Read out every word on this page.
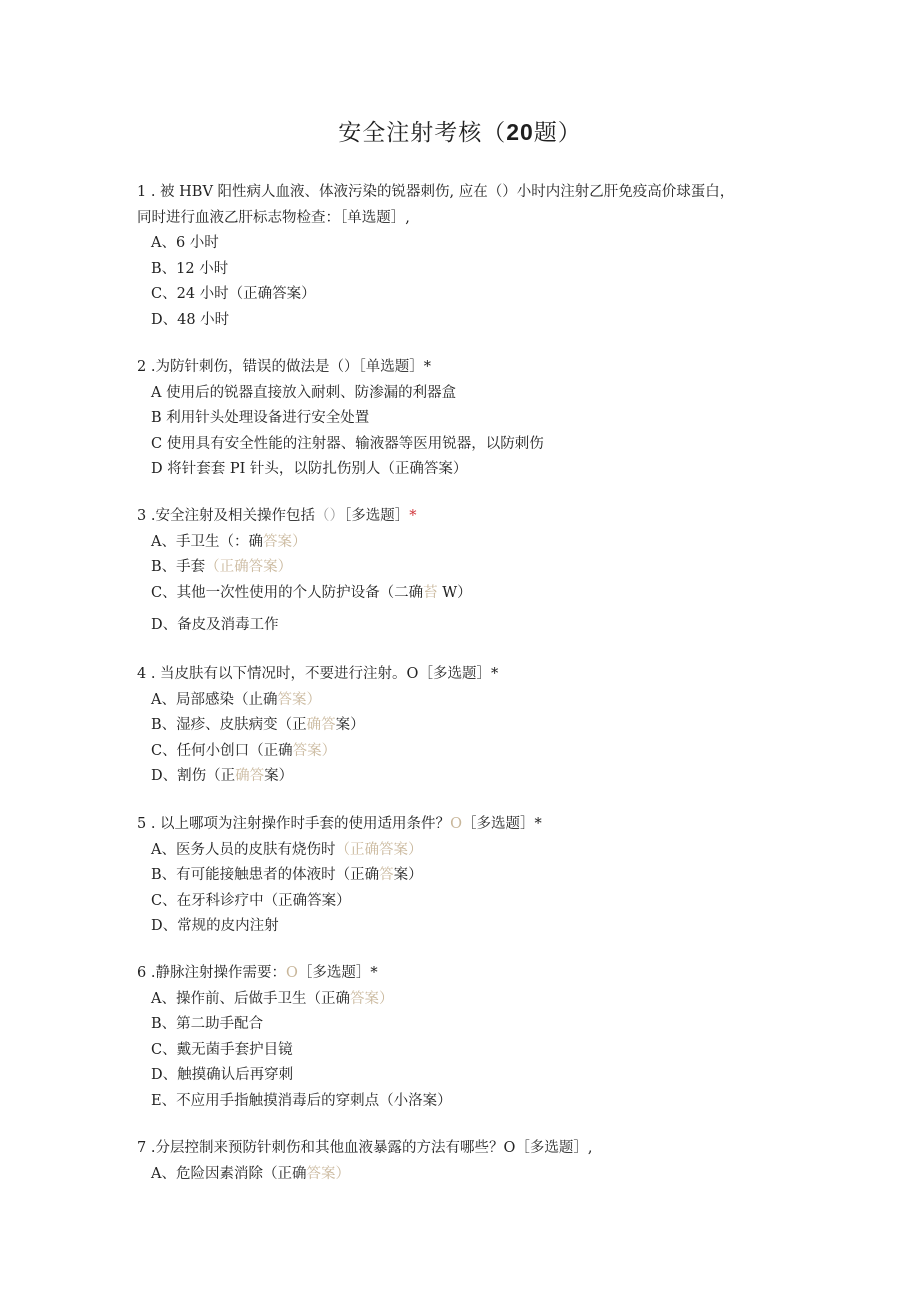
安全注射考核（20题）

1 . 被 HBV 阳性病人血液、体液污染的锐器刺伤, 应在（）小时内注射乙肝免疫高价球蛋白，

同时进行血液乙肝标志物检查：［单选题］,

A、6 小时

B、12 小时

C、24 小时（正确答案）

D、48 小时

2 .为防针刺伤，错误的做法是（）［单选题］*

A 使用后的锐器直接放入耐刺、防渗漏的利器盒

B 利用针头处理设备进行安全处置

C 使用具有安全性能的注射器、输液器等医用锐器，以防刺伤

D 将针套套 PI 针头，以防扎伤别人（正确答案）

3 .安全注射及相关操作包括（）［多选题］*

A、手卫生（：确答案）

B、手套（正确答案）

C、其他一次性使用的个人防护设备（二确苔 W）

D、备皮及消毒工作

4 . 当皮肤有以下情况时，不要进行注射。O［多选题］*

A、局部感染（止确答案）

B、湿疹、皮肤病变（正确答案）

C、任何小创口（正确答案）

D、割伤（正确答案）

5 . 以上哪项为注射操作时手套的使用适用条件？O［多选题］*

A、医务人员的皮肤有烧伤时（正确答案）

B、有可能接触患者的体液时（正确答案）

C、在牙科诊疗中（正确答案）

D、常规的皮内注射

6 .静脉注射操作需要：O［多选题］*

A、操作前、后做手卫生（正确答案）

B、第二助手配合

C、戴无菌手套护目镜

D、触摸确认后再穿刺

E、不应用手指触摸消毒后的穿刺点（小洛案）

7 .分层控制来预防针刺伤和其他血液暴露的方法有哪些？O［多选题］,

A、危险因素消除（正确答案）
